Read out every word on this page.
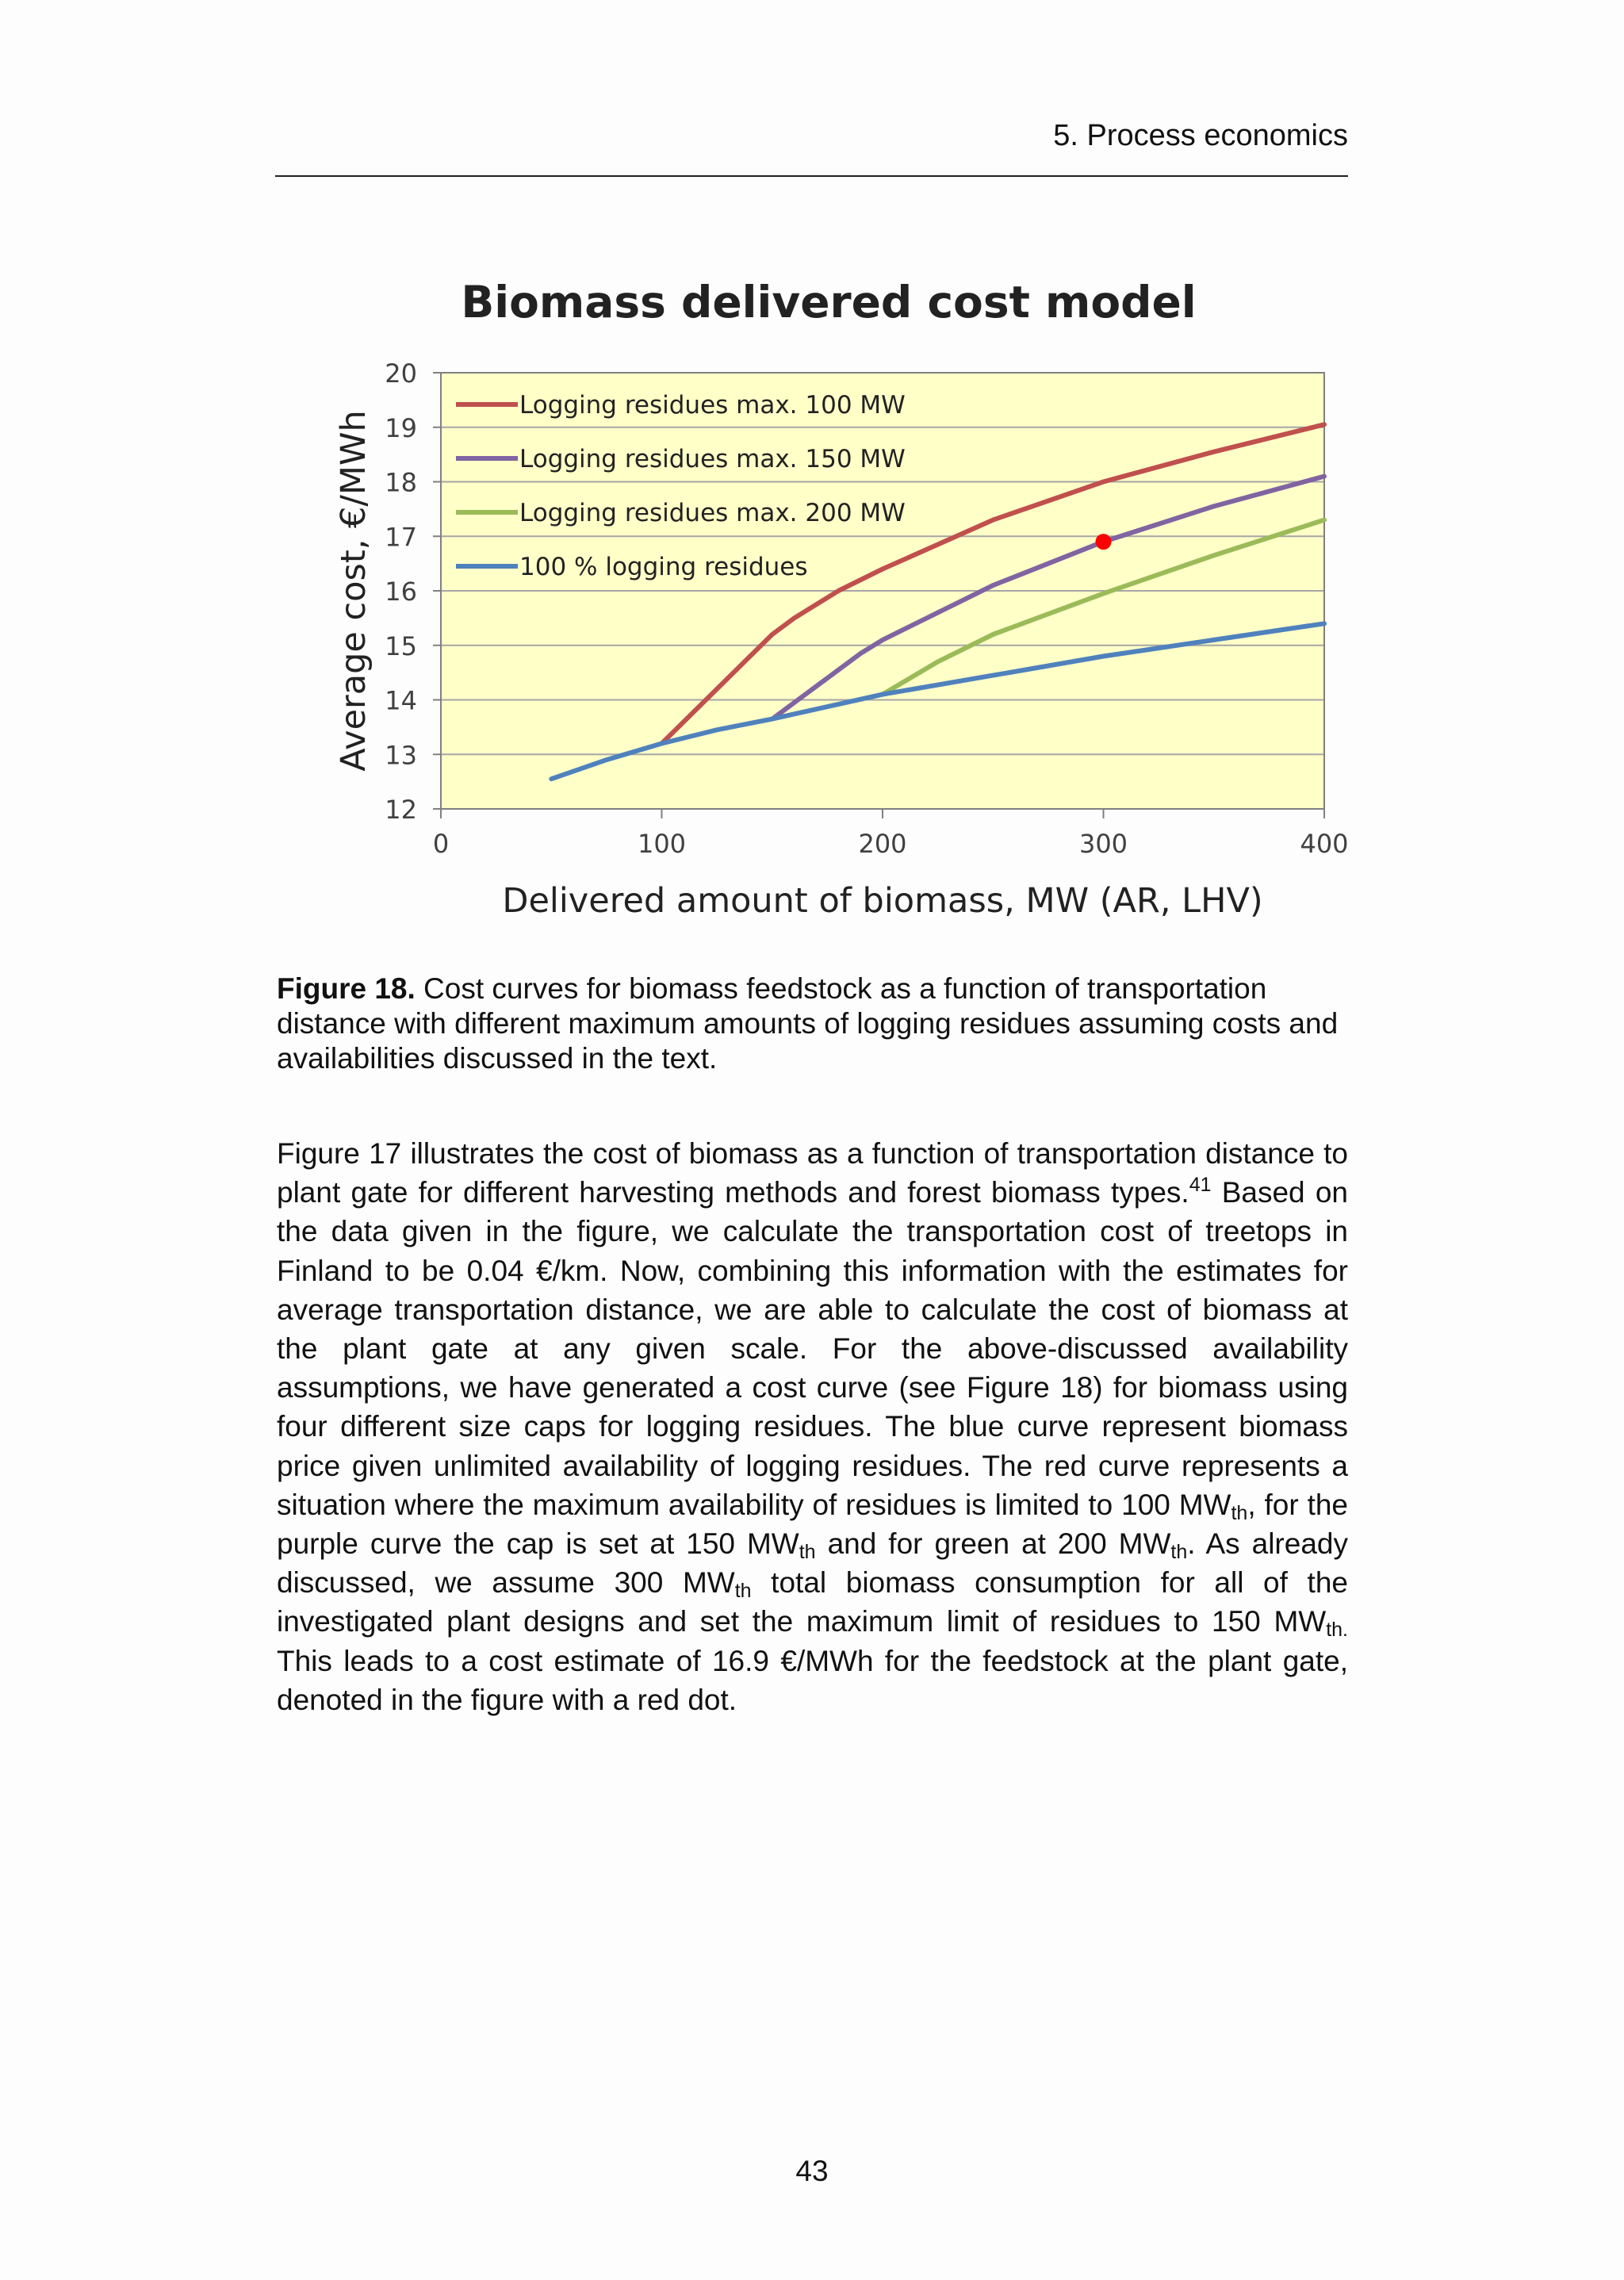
5. Process economics
12
13
14
15
16
17
18
19
20
0	100	200	300	400
Logging residues max. 100 MW
Logging residues max. 150 MW
Logging residues max. 200 MW
100 % logging residues
Biomass delivered cost model
Delivered amount of biomass, MW (AR, LHV)
Average cost, €/MWh
Figure 18. Cost curves for biomass feedstock as a function of transportation distance with different maximum amounts of logging residues assuming costs and availabilities discussed in the text.

Figure 17 illustrates the cost of biomass as a function of transportation distance to plant gate for different harvesting methods and forest biomass types.$^{41}$ Based on the data given in the figure, we calculate the transportation cost of treetops in Finland to be 0.04 €/km. Now, combining this information with the estimates for average transportation distance, we are able to calculate the cost of biomass at the plant gate at any given scale. For the above-discussed availability assumptions, we have generated a cost curve (see Figure 18) for biomass using four different size caps for logging residues. The blue curve represent biomass price given unlimited availability of logging residues. The red curve represents a situation where the maximum availability of residues is limited to 100 $MW_{th}$, for the purple curve the cap is set at 150 $MW_{th}$ and for green at 200 $MW_{th}$. As already discussed, we assume 300 $MW_{th}$ total biomass consumption for all of the investigated plant designs and set the maximum limit of residues to 150 $MW_{th.}$ This leads to a cost estimate of 16.9 €/MWh for the feedstock at the plant gate, denoted in the figure with a red dot.

43
